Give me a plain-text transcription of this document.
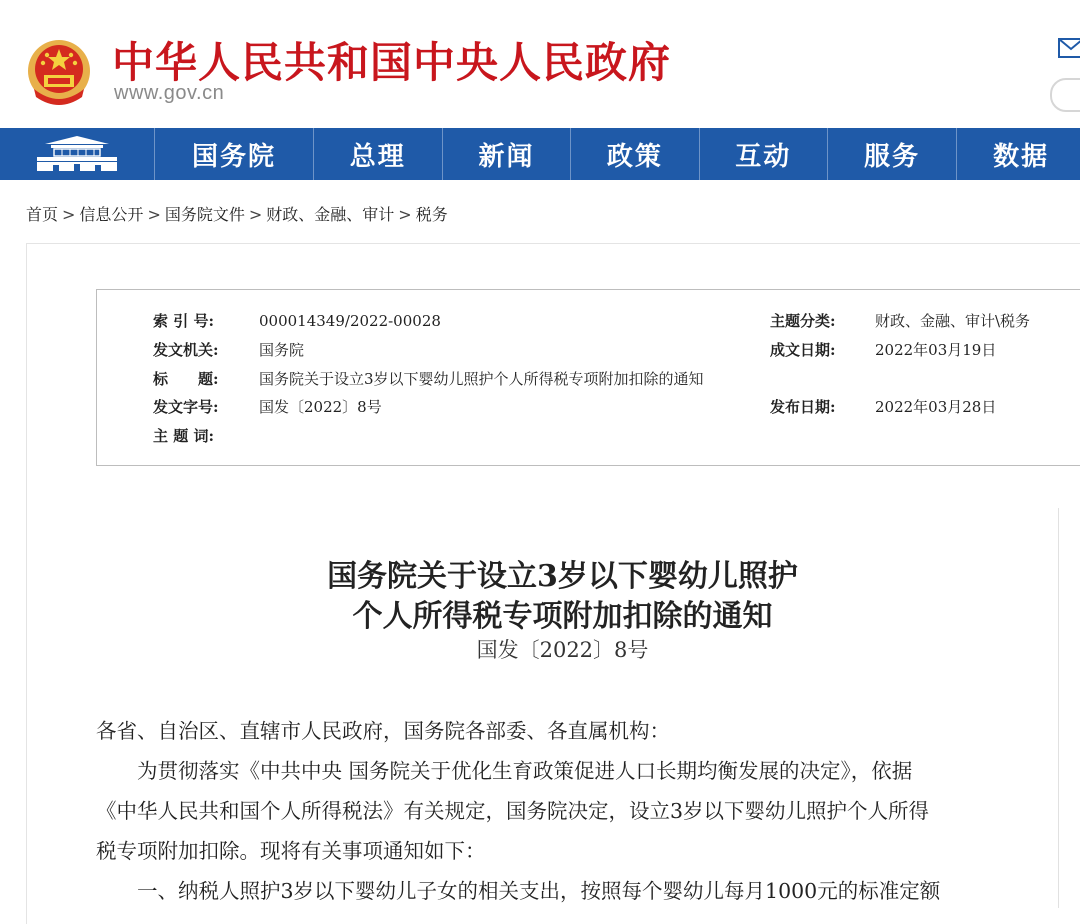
中华人民共和国中央人民政府
www.gov.cn
国务院	总理	新闻	政策	互动	服务	数据
首页 > 信息公开 > 国务院文件 > 财政、金融、审计 > 税务
索 引 号:	000014349/2022-00028	主题分类:	财政、金融、审计\税务
发文机关:	国务院	成文日期:	2022年03月19日
标　　题:	国务院关于设立3岁以下婴幼儿照护个人所得税专项附加扣除的通知
发文字号:	国发〔2022〕8号	发布日期:	2022年03月28日
主 题 词:
国务院关于设立3岁以下婴幼儿照护
个人所得税专项附加扣除的通知
国发〔2022〕8号
各省、自治区、直辖市人民政府，国务院各部委、各直属机构：
　　为贯彻落实《中共中央 国务院关于优化生育政策促进人口长期均衡发展的决定》，依据
《中华人民共和国个人所得税法》有关规定，国务院决定，设立3岁以下婴幼儿照护个人所得
税专项附加扣除。现将有关事项通知如下：
　　一、纳税人照护3岁以下婴幼儿子女的相关支出，按照每个婴幼儿每月1000元的标准定额
